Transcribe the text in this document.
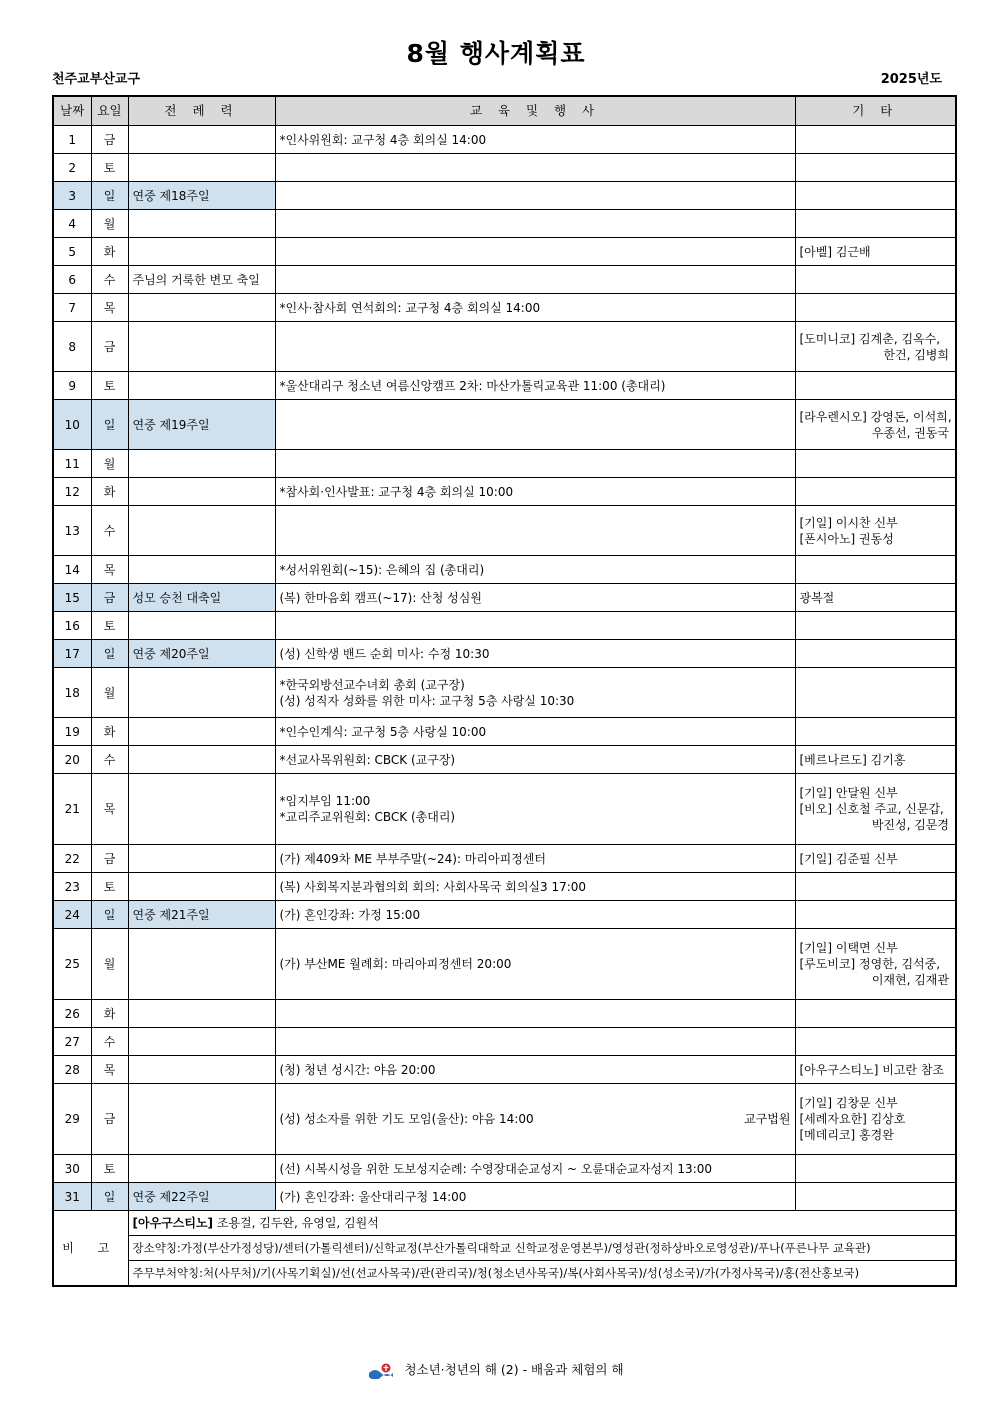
8월 행사계획표
천주교부산교구	2025년도
날짜	요일	전 례 력	교 육 및 행 사	기 타
1	금		*인사위원회: 교구청 4층 회의실 14:00	

2	토			
3	일	연중 제18주일		
4	월			
5	화			[아벨] 김근배

6	수	주님의 거룩한 변모 축일		
7	목		*인사·참사회 연석회의: 교구청 4층 회의실 14:00	

8	금			[도미니코] 김계춘, 김옥수,
한건, 김병희

9	토		*울산대리구 청소년 여름신앙캠프 2차: 마산가톨릭교육관 11:00 (총대리)	

10	일	연중 제19주일		[라우렌시오] 강영돈, 이석희,
우종선, 권동국

11	월			
12	화		*참사회·인사발표: 교구청 4층 회의실 10:00	

13	수			[기일] 이시찬 신부
[폰시아노] 권동성

14	목		*성서위원회(~15): 은혜의 집 (총대리)	

15	금	성모 승천 대축일	(복) 한마음회 캠프(~17): 산청 성심원	광복절

16	토			
17	일	연중 제20주일	(성) 신학생 밴드 순회 미사: 수정 10:30	

18	월		*한국외방선교수녀회 총회 (교구장)
(성) 성직자 성화를 위한 미사: 교구청 5층 사랑실 10:30	

19	화		*인수인계식: 교구청 5층 사랑실 10:00	

20	수		*선교사목위원회: CBCK (교구장)	[베르나르도] 김기홍

21	목		*임지부임 11:00
*교리주교위원회: CBCK (총대리)	[기일] 안달원 신부
[비오] 신호철 주교, 신문갑,
박진성, 김문경

22	금		(가) 제409차 ME 부부주말(~24): 마리아피정센터	[기일] 김준필 신부

23	토		(복) 사회복지분과협의회 회의: 사회사목국 회의실3 17:00	

24	일	연중 제21주일	(가) 혼인강좌: 가정 15:00	

25	월		(가) 부산ME 월례회: 마리아피정센터 20:00	[기일] 이택면 신부
[루도비코] 정영한, 김석중,
이재현, 김재관

26	화			
27	수			
28	목		(청) 청년 성시간: 야음 20:00	[아우구스티노] 비고란 참조

29	금		(성) 성소자를 위한 기도 모임(울산): 야음 14:00 교구법원	[기일] 김창문 신부
[세례자요한] 김상호
[메데리코] 홍경완

30	토		(선) 시복시성을 위한 도보성지순례: 수영장대순교성지 ~ 오륜대순교자성지 13:00	

31	일	연중 제22주일	(가) 혼인강좌: 울산대리구청 14:00	

비 고		[아우구스티노] 조용걸, 김두완, 유영일, 김원석		
		장소약칭:가정(부산가정성당)/센터(가톨릭센터)/신학교정(부산가톨릭대학교 신학교정운영본부)/영성관(정하상바오로영성관)/푸나(푸른나무 교육관)		
		주무부처약칭:처(사무처)/기(사목기획실)/선(선교사목국)/관(관리국)/청(청소년사목국)/복(사회사목국)/성(성소국)/가(가정사목국)/홍(전산홍보국)		
청소년·청년의 해 (2) - 배움과 체험의 해
